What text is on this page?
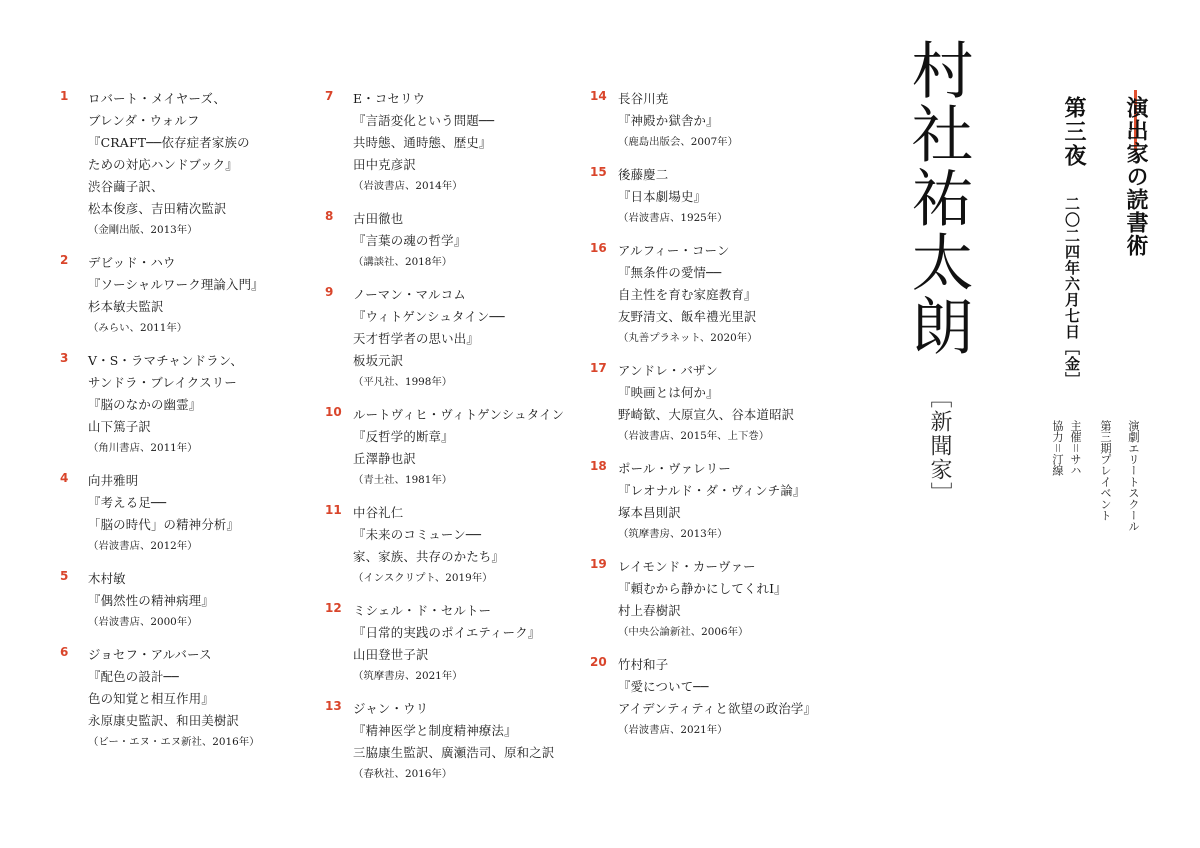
1 ロバート・メイヤーズ、
ブレンダ・ウォルフ
『CRAFT──依存症者家族の
ための対応ハンドブック』
渋谷繭子訳、
松本俊彦、吉田精次監訳
（金剛出版、2013年）
2 デビッド・ハウ
『ソーシャルワーク理論入門』
杉本敏夫監訳
（みらい、2011年）
3 V・S・ラマチャンドラン、
サンドラ・ブレイクスリー
『脳のなかの幽霊』
山下篤子訳
（角川書店、2011年）
4 向井雅明
『考える足──
「脳の時代」の精神分析』
（岩波書店、2012年）
5 木村敏
『偶然性の精神病理』
（岩波書店、2000年）
6 ジョセフ・アルバース
『配色の設計──
色の知覚と相互作用』
永原康史監訳、和田美樹訳
（ビー・エヌ・エヌ新社、2016年）
7 E・コセリウ
『言語変化という問題──
共時態、通時態、歴史』
田中克彦訳
（岩波書店、2014年）
8 古田徹也
『言葉の魂の哲学』
（講談社、2018年）
9 ノーマン・マルコム
『ウィトゲンシュタイン──
天才哲学者の思い出』
板坂元訳
（平凡社、1998年）
10 ルートヴィヒ・ヴィトゲンシュタイン
『反哲学的断章』
丘澤静也訳
（青土社、1981年）
11 中谷礼仁
『未来のコミューン──
家、家族、共存のかたち』
（インスクリプト、2019年）
12 ミシェル・ド・セルトー
『日常的実践のポイエティーク』
山田登世子訳
（筑摩書房、2021年）
13 ジャン・ウリ
『精神医学と制度精神療法』
三脇康生監訳、廣瀬浩司、原和之訳
（春秋社、2016年）
14 長谷川尭
『神殿か獄舎か』
（鹿島出版会、2007年）
15 後藤慶二
『日本劇場史』
（岩波書店、1925年）
16 アルフィー・コーン
『無条件の愛情──
自主性を育む家庭教育』
友野清文、飯牟禮光里訳
（丸善プラネット、2020年）
17 アンドレ・バザン
『映画とは何か』
野崎歓、大原宣久、谷本道昭訳
（岩波書店、2015年、上下巻）
18 ポール・ヴァレリー
『レオナルド・ダ・ヴィンチ論』
塚本昌則訳
（筑摩書房、2013年）
19 レイモンド・カーヴァー
『頼むから静かにしてくれⅠ』
村上春樹訳
（中央公論新社、2006年）
20 竹村和子
『愛について──
アイデンティティと欲望の政治学』
（岩波書店、2021年）
村社祐太朗
［新聞家］
演出家の読書術
第三夜
二〇二四年六月七日［金］
演劇エリートスクール
第三期プレイベント
主催＝サハ
協力＝汀線
